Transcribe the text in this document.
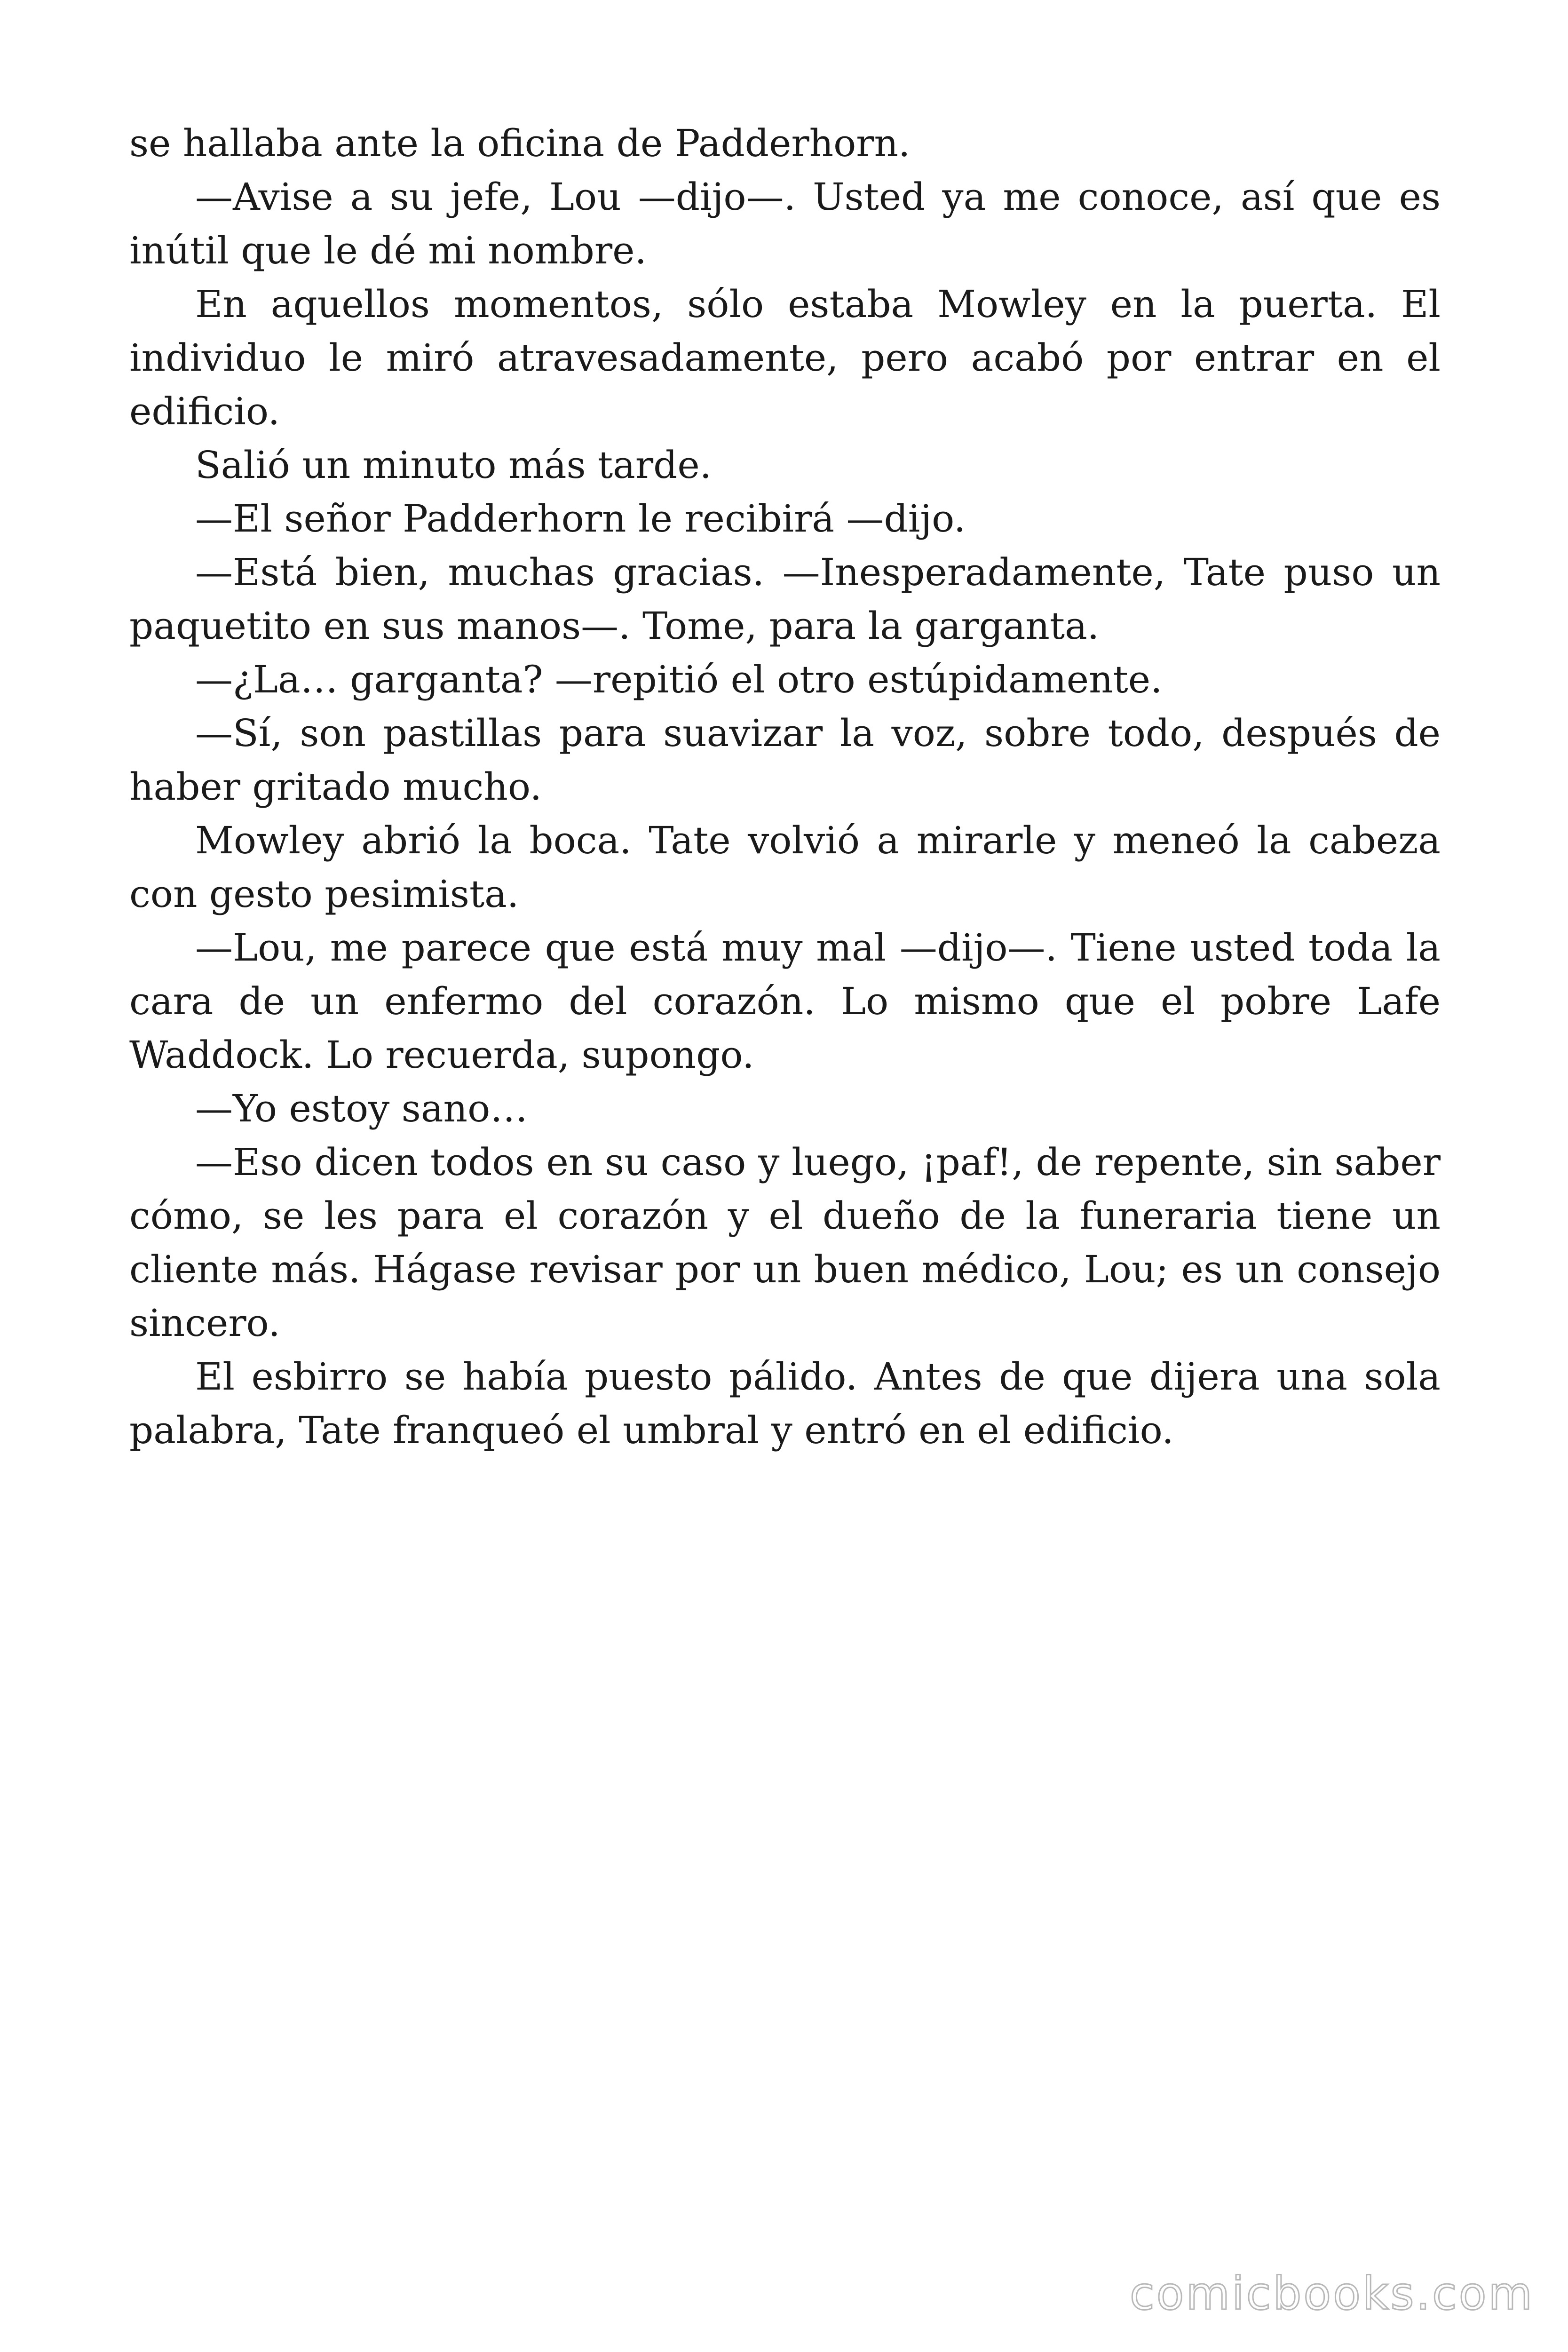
se hallaba ante la oficina de Padderhorn.

—Avise a su jefe, Lou —dijo—. Usted ya me conoce, así que es inútil que le dé mi nombre.

En aquellos momentos, sólo estaba Mowley en la puerta. El individuo le miró atravesadamente, pero acabó por entrar en el edificio.

Salió un minuto más tarde.

—El señor Padderhorn le recibirá —dijo.

—Está bien, muchas gracias. —Inesperadamente, Tate puso un paquetito en sus manos—. Tome, para la garganta.

—¿La… garganta? —repitió el otro estúpidamente.

—Sí, son pastillas para suavizar la voz, sobre todo, después de haber gritado mucho.

Mowley abrió la boca. Tate volvió a mirarle y meneó la cabeza con gesto pesimista.

—Lou, me parece que está muy mal —dijo—. Tiene usted toda la cara de un enfermo del corazón. Lo mismo que el pobre Lafe Waddock. Lo recuerda, supongo.

—Yo estoy sano…

—Eso dicen todos en su caso y luego, ¡paf!, de repente, sin saber cómo, se les para el corazón y el dueño de la funeraria tiene un cliente más. Hágase revisar por un buen médico, Lou; es un consejo sincero.

El esbirro se había puesto pálido. Antes de que dijera una sola palabra, Tate franqueó el umbral y entró en el edificio.

comicbooks.com
